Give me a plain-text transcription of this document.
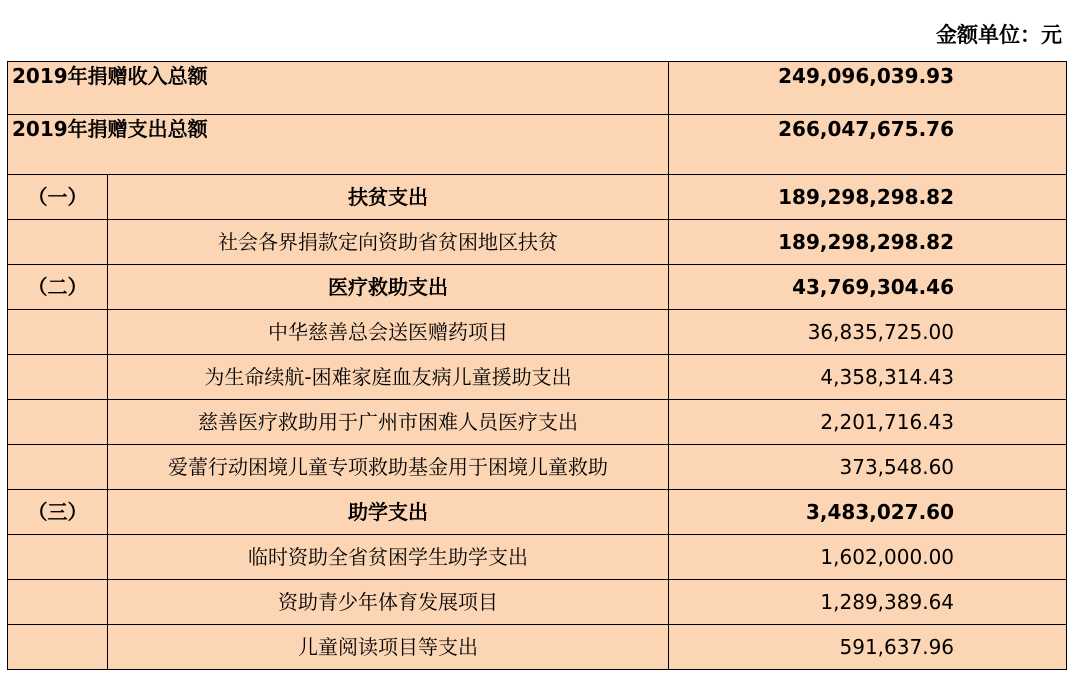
金额单位：元
2019年捐赠收入总额		249,096,039.93
2019年捐赠支出总额		266,047,675.76
（一）	扶贫支出	189,298,298.82
	社会各界捐款定向资助省贫困地区扶贫	189,298,298.82
（二）	医疗救助支出	43,769,304.46
	中华慈善总会送医赠药项目	36,835,725.00
	为生命续航-困难家庭血友病儿童援助支出	4,358,314.43
	慈善医疗救助用于广州市困难人员医疗支出	2,201,716.43
	爱蕾行动困境儿童专项救助基金用于困境儿童救助	373,548.60
（三）	助学支出	3,483,027.60
	临时资助全省贫困学生助学支出	1,602,000.00
	资助青少年体育发展项目	1,289,389.64
	儿童阅读项目等支出	591,637.96
